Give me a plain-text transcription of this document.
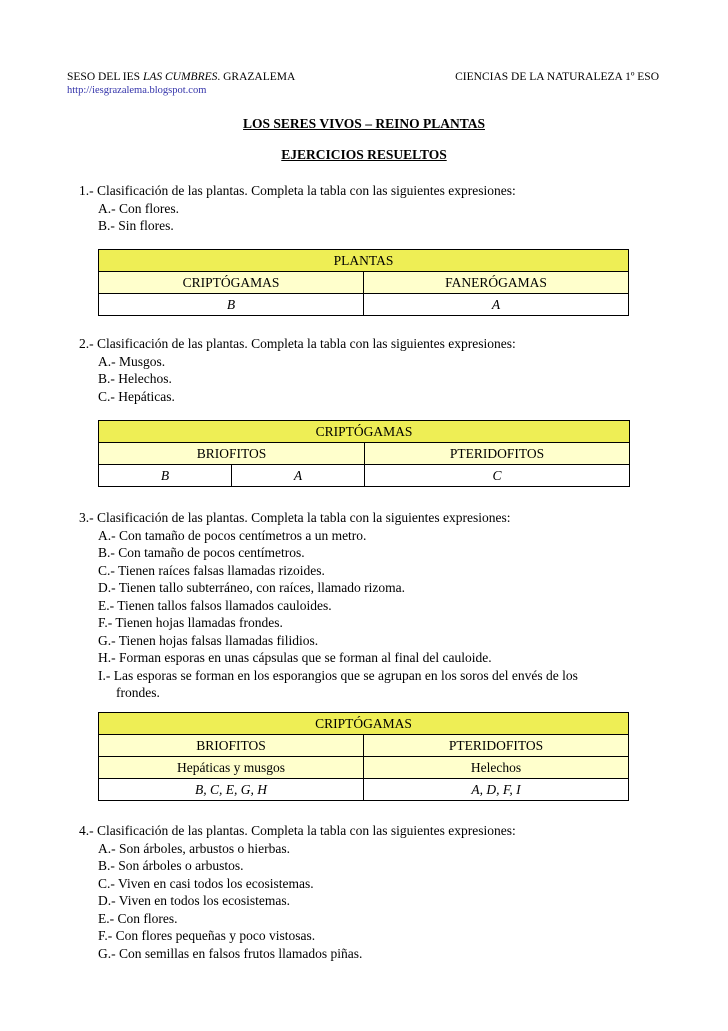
SESO DEL IES LAS CUMBRES. GRAZALEMA	CIENCIAS DE LA NATURALEZA 1º ESO
http://iesgrazalema.blogspot.com
LOS SERES VIVOS – REINO PLANTAS
EJERCICIOS RESUELTOS
1.- Clasificación de las plantas. Completa la tabla con las siguientes expresiones:
A.- Con flores.
B.- Sin flores.
PLANTAS	
CRIPTÓGAMAS	FANERÓGAMAS
B	A
2.- Clasificación de las plantas. Completa la tabla con las siguientes expresiones:
A.- Musgos.
B.- Helechos.
C.- Hepáticas.
CRIPTÓGAMAS		
BRIOFITOS		PTERIDOFITOS
B	A	C
3.- Clasificación de las plantas. Completa la tabla con la siguientes expresiones:
A.- Con tamaño de pocos centímetros a un metro.
B.- Con tamaño de pocos centímetros.
C.- Tienen raíces falsas llamadas rizoides.
D.- Tienen tallo subterráneo, con raíces, llamado rizoma.
E.- Tienen tallos falsos llamados cauloides.
F.- Tienen hojas llamadas frondes.
G.- Tienen hojas falsas llamadas filidios.
H.- Forman esporas en unas cápsulas que se forman al final del cauloide.
I.- Las esporas se forman en los esporangios que se agrupan en los soros del envés de los
frondes.
CRIPTÓGAMAS	
BRIOFITOS	PTERIDOFITOS
Hepáticas y musgos	Helechos
B, C, E, G, H	A, D, F, I
4.- Clasificación de las plantas. Completa la tabla con las siguientes expresiones:
A.- Son árboles, arbustos o hierbas.
B.- Son árboles o arbustos.
C.- Viven en casi todos los ecosistemas.
D.- Viven en todos los ecosistemas.
E.- Con flores.
F.- Con flores pequeñas y poco vistosas.
G.- Con semillas en falsos frutos llamados piñas.
